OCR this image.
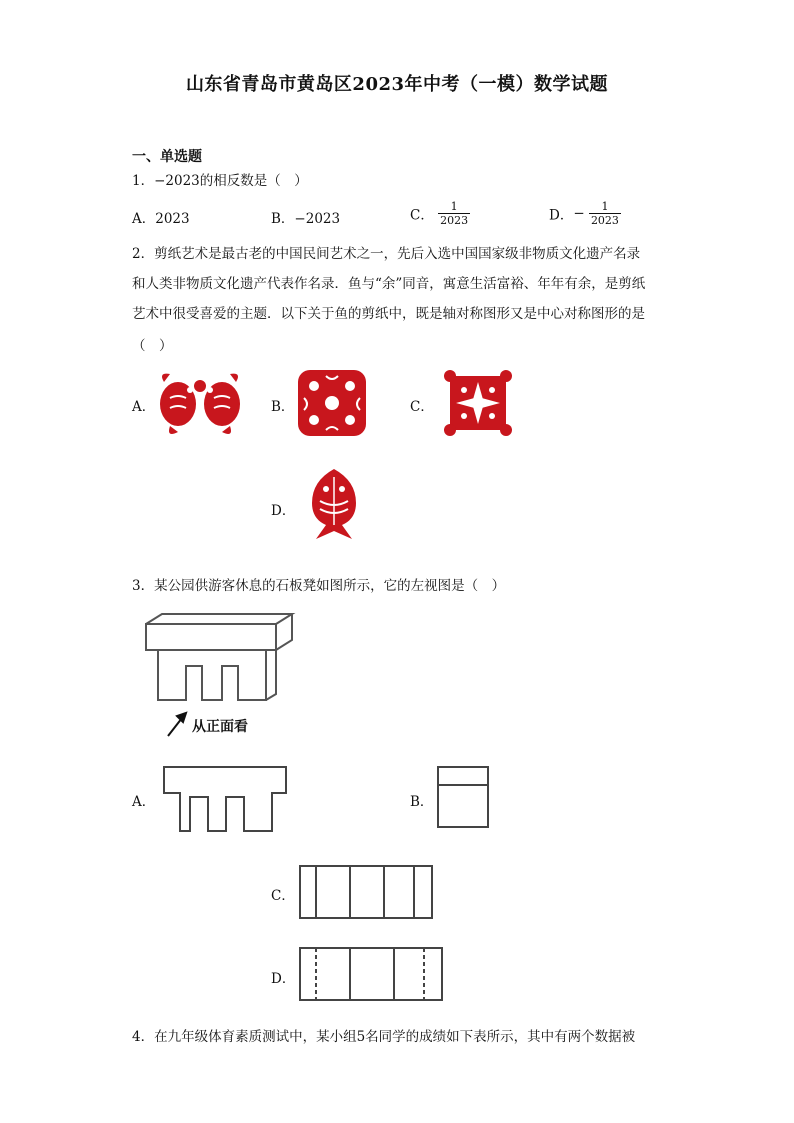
山东省青岛市黄岛区2023年中考（一模）数学试题
一、单选题
1．−2023的相反数是（　）
A．2023	B．−2023	C． $\frac{1}{2023}$	D．− $\frac{1}{2023}$
2．剪纸艺术是最古老的中国民间艺术之一，先后入选中国国家级非物质文化遗产名录
和人类非物质文化遗产代表作名录．鱼与“余”同音，寓意生活富裕、年年有余，是剪纸
艺术中很受喜爱的主题．以下关于鱼的剪纸中，既是轴对称图形又是中心对称图形的是
（　）
A．	B．	C．
D．
3．某公园供游客休息的石板凳如图所示，它的左视图是（　）
从正面看
A．	B．
C．
D．
4．在九年级体育素质测试中，某小组5名同学的成绩如下表所示，其中有两个数据被
